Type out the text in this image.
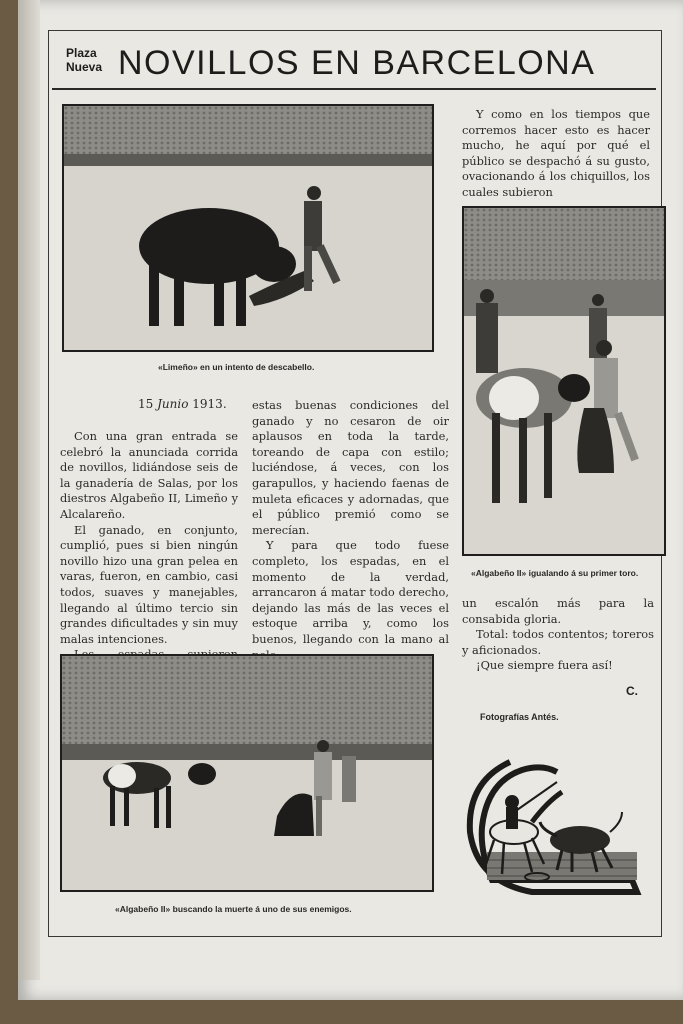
Plaza
Nueva NOVILLOS EN BARCELONA
«Limeño» en un intento de descabello.
«Algabeño II» igualando á su primer toro.
15 Junio 1913.

Con una gran entrada se celebró la anunciada corrida de novillos, lidiándose seis de la ganadería de Salas, por los diestros Algabeño II, Limeño y Alcalareño.

El ganado, en conjunto, cumplió, pues si bien ningún novillo hizo una gran pelea en varas, fueron, en cambio, casi todos, suaves y manejables, llegando al último tercio sin grandes dificultades y sin muy malas intenciones.

estas buenas condiciones del ganado y no cesaron de oir aplausos en toda la tarde, toreando de capa con estilo; luciéndose, á veces, con los garapullos, y haciendo faenas de muleta eficaces y adornadas, que el público premió como se merecían.

Y para que todo fuese completo, los espadas, en el momento de la verdad, arrancaron á matar todo derecho, dejando las más de las veces el estoque arriba y, como los buenos, llegando con la mano al

Y como en los tiempos que corremos hacer esto es hacer mucho, he aquí por qué el público se despachó á su gusto, ovacionando á los chiquillos, los cuales subieron

un escalón más para la consabida gloria.

Total: todos contentos; toreros y aficionados.

¡Que siempre fuera así!

C.
Fotografías Antés.
«Algabeño II» buscando la muerte á uno de sus enemigos.
